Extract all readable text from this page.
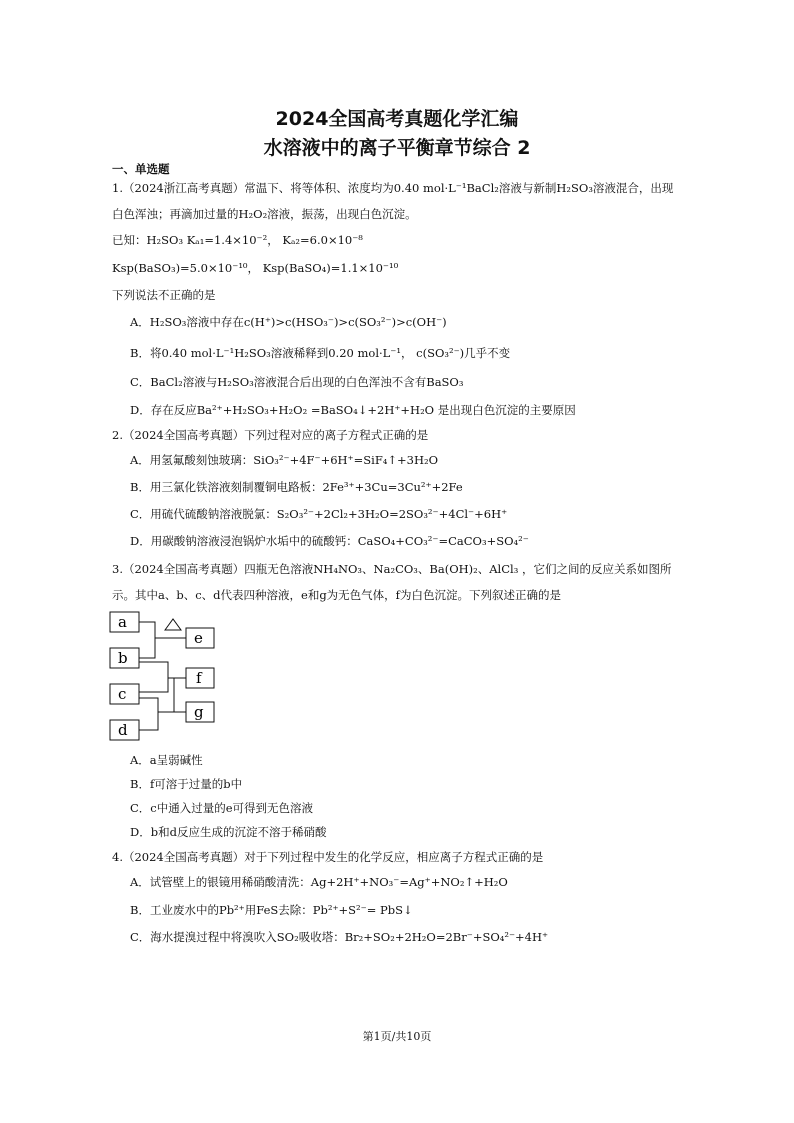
2024全国高考真题化学汇编
水溶液中的离子平衡章节综合 2
一、单选题
1.（2024浙江高考真题）常温下、将等体积、浓度均为0.40 mol·L⁻¹BaCl₂溶液与新制H₂SO₃溶液混合，出现
白色浑浊；再滴加过量的H₂O₂溶液，振荡，出现白色沉淀。
已知：H₂SO₃ Kₐ₁=1.4×10⁻²， Kₐ₂=6.0×10⁻⁸
Ksp(BaSO₃)=5.0×10⁻¹⁰， Ksp(BaSO₄)=1.1×10⁻¹⁰
下列说法不正确的是
A．H₂SO₃溶液中存在c(H⁺)>c(HSO₃⁻)>c(SO₃²⁻)>c(OH⁻)
B．将0.40 mol·L⁻¹H₂SO₃溶液稀释到0.20 mol·L⁻¹， c(SO₃²⁻)几乎不变
C．BaCl₂溶液与H₂SO₃溶液混合后出现的白色浑浊不含有BaSO₃
D．存在反应Ba²⁺+H₂SO₃+H₂O₂ =BaSO₄↓+2H⁺+H₂O 是出现白色沉淀的主要原因
2.（2024全国高考真题）下列过程对应的离子方程式正确的是
A．用氢氟酸刻蚀玻璃：SiO₃²⁻+4F⁻+6H⁺=SiF₄↑+3H₂O
B．用三氯化铁溶液刻制覆铜电路板：2Fe³⁺+3Cu=3Cu²⁺+2Fe
C．用硫代硫酸钠溶液脱氯：S₂O₃²⁻+2Cl₂+3H₂O=2SO₃²⁻+4Cl⁻+6H⁺
D．用碳酸钠溶液浸泡锅炉水垢中的硫酸钙：CaSO₄+CO₃²⁻=CaCO₃+SO₄²⁻
3.（2024全国高考真题）四瓶无色溶液NH₄NO₃、Na₂CO₃、Ba(OH)₂、AlCl₃ ，它们之间的反应关系如图所
示。其中a、b、c、d代表四种溶液，e和g为无色气体，f为白色沉淀。下列叙述正确的是
a
b
c
d
e
f
g
A．a呈弱碱性
B．f可溶于过量的b中
C．c中通入过量的e可得到无色溶液
D．b和d反应生成的沉淀不溶于稀硝酸
4.（2024全国高考真题）对于下列过程中发生的化学反应，相应离子方程式正确的是
A．试管壁上的银镜用稀硝酸清洗：Ag+2H⁺+NO₃⁻=Ag⁺+NO₂↑+H₂O
B．工业废水中的Pb²⁺用FeS去除：Pb²⁺+S²⁻= PbS↓
C．海水提溴过程中将溴吹入SO₂吸收塔：Br₂+SO₂+2H₂O=2Br⁻+SO₄²⁻+4H⁺
第1页/共10页
